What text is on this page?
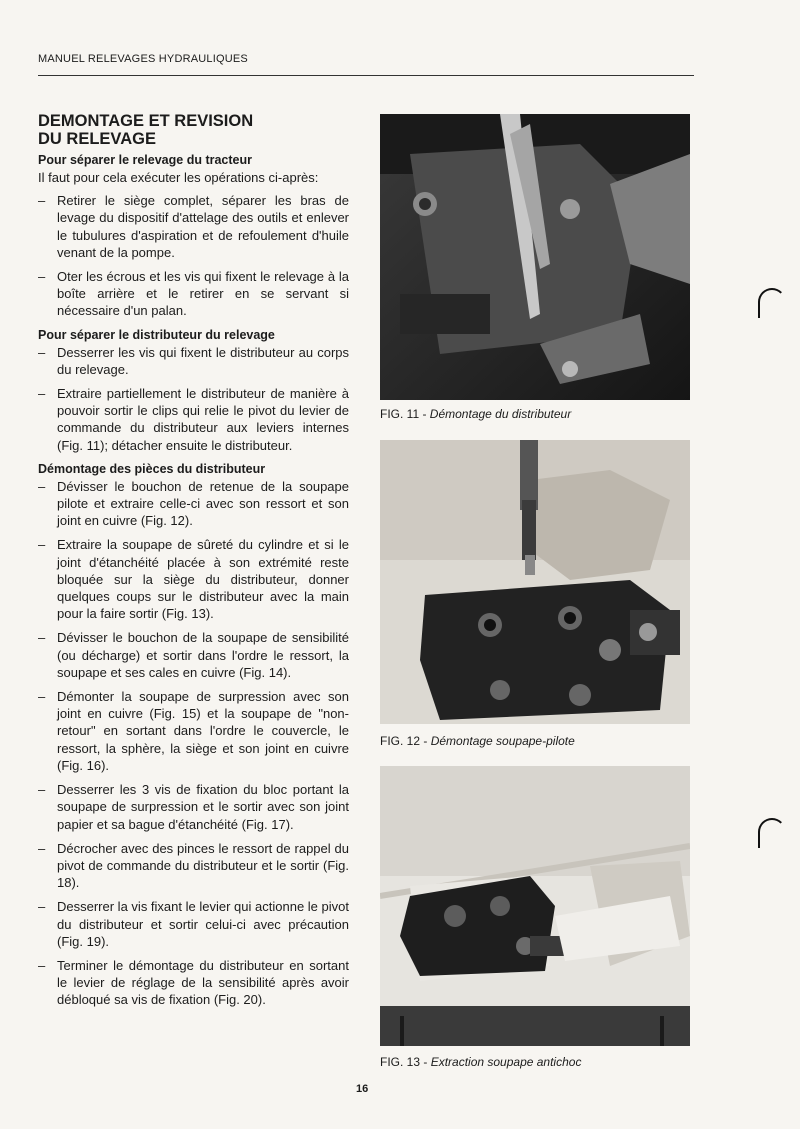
MANUEL RELEVAGES HYDRAULIQUES
DEMONTAGE ET REVISION
DU RELEVAGE
Pour séparer le relevage du tracteur

Il faut pour cela exécuter les opérations ci-après:

– Retirer le siège complet, séparer les bras de levage du dispositif d'attelage des outils et enlever le tubulures d'aspiration et de refoulement d'huile venant de la pompe.
– Oter les écrous et les vis qui fixent le relevage à la boîte arrière et le retirer en se servant si nécessaire d'un palan.
Pour séparer le distributeur du relevage
– Desserrer les vis qui fixent le distributeur au corps du relevage.
– Extraire partiellement le distributeur de manière à pouvoir sortir le clips qui relie le pivot du levier de commande du distributeur aux leviers internes (Fig. 11); détacher ensuite le distributeur.
Démontage des pièces du distributeur
– Dévisser le bouchon de retenue de la soupape pilote et extraire celle-ci avec son ressort et son joint en cuivre (Fig. 12).
– Extraire la soupape de sûreté du cylindre et si le joint d'étanchéité placée à son extrémité reste bloquée sur la siège du distributeur, donner quelques coups sur le distributeur avec la main pour la faire sortir (Fig. 13).
– Dévisser le bouchon de la soupape de sensibilité (ou décharge) et sortir dans l'ordre le ressort, la soupape et ses cales en cuivre (Fig. 14).
– Démonter la soupape de surpression avec son joint en cuivre (Fig. 15) et la soupape de "non-retour" en sortant dans l'ordre le couvercle, le ressort, la sphère, la siège et son joint en cuivre (Fig. 16).
– Desserrer les 3 vis de fixation du bloc portant la soupape de surpression et le sortir avec son joint papier et sa bague d'étanchéité (Fig. 17).
– Décrocher avec des pinces le ressort de rappel du pivot de commande du distributeur et le sortir (Fig. 18).
– Desserrer la vis fixant le levier qui actionne le pivot du distributeur et sortir celui-ci avec précaution (Fig. 19).
– Terminer le démontage du distributeur en sortant le levier de réglage de la sensibilité après avoir débloqué sa vis de fixation (Fig. 20).
FIG. 11 - Démontage du distributeur
FIG. 12 - Démontage soupape-pilote
FIG. 13 - Extraction soupape antichoc
16
